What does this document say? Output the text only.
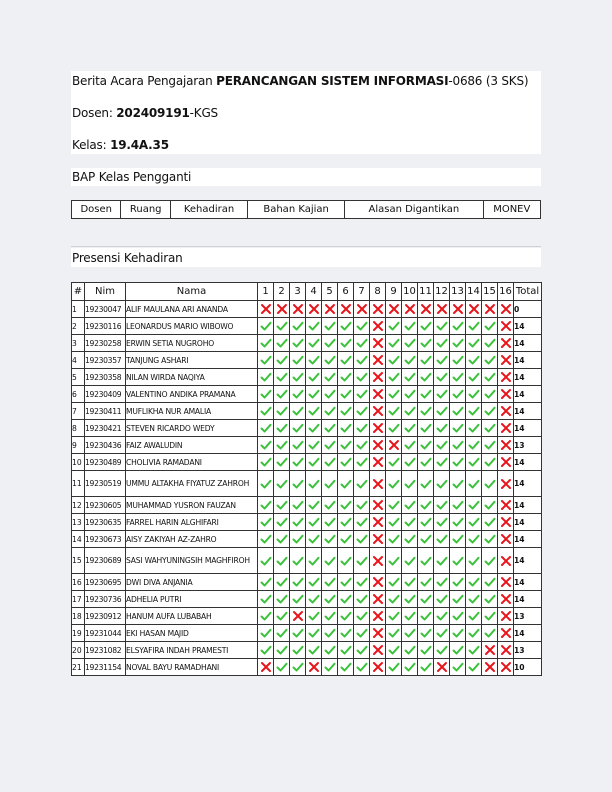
Berita Acara Pengajaran PERANCANGAN SISTEM INFORMASI-0686 (3 SKS)
Dosen: 202409191-KGS
Kelas: 19.4A.35
BAP Kelas Pengganti
Dosen	Ruang	Kehadiran	Bahan Kajian	Alasan Digantikan	MONEV
Presensi Kehadiran
#	Nim	Nama	1	2	3	4	5	6	7	8	9	10	11	12	13	14	15	16	Total
1	19230047	ALIF MAULANA ARI ANANDA																	0
2	19230116	LEONARDUS MARIO WIBOWO																	14
3	19230258	ERWIN SETIA NUGROHO																	14
4	19230357	TANJUNG ASHARI																	14
5	19230358	NILAN WIRDA NAQIYA																	14
6	19230409	VALENTINO ANDIKA PRAMANA																	14
7	19230411	MUFLIKHA NUR AMALIA																	14
8	19230421	STEVEN RICARDO WEDY																	14
9	19230436	FAIZ AWALUDIN																	13
10	19230489	CHOLIVIA RAMADANI																	14
11	19230519	UMMU ALTAKHA FIYATUZ ZAHROH																	14
12	19230605	MUHAMMAD YUSRON FAUZAN																	14
13	19230635	FARREL HARIN ALGHIFARI																	14
14	19230673	AISY ZAKIYAH AZ-ZAHRO																	14
15	19230689	SASI WAHYUNINGSIH MAGHFIROH																	14
16	19230695	DWI DIVA ANJANIA																	14
17	19230736	ADHELIA PUTRI																	14
18	19230912	HANUM AUFA LUBABAH																	13
19	19231044	EKI HASAN MAJID																	14
20	19231082	ELSYAFIRA INDAH PRAMESTI																	13
21	19231154	NOVAL BAYU RAMADHANI																	10
